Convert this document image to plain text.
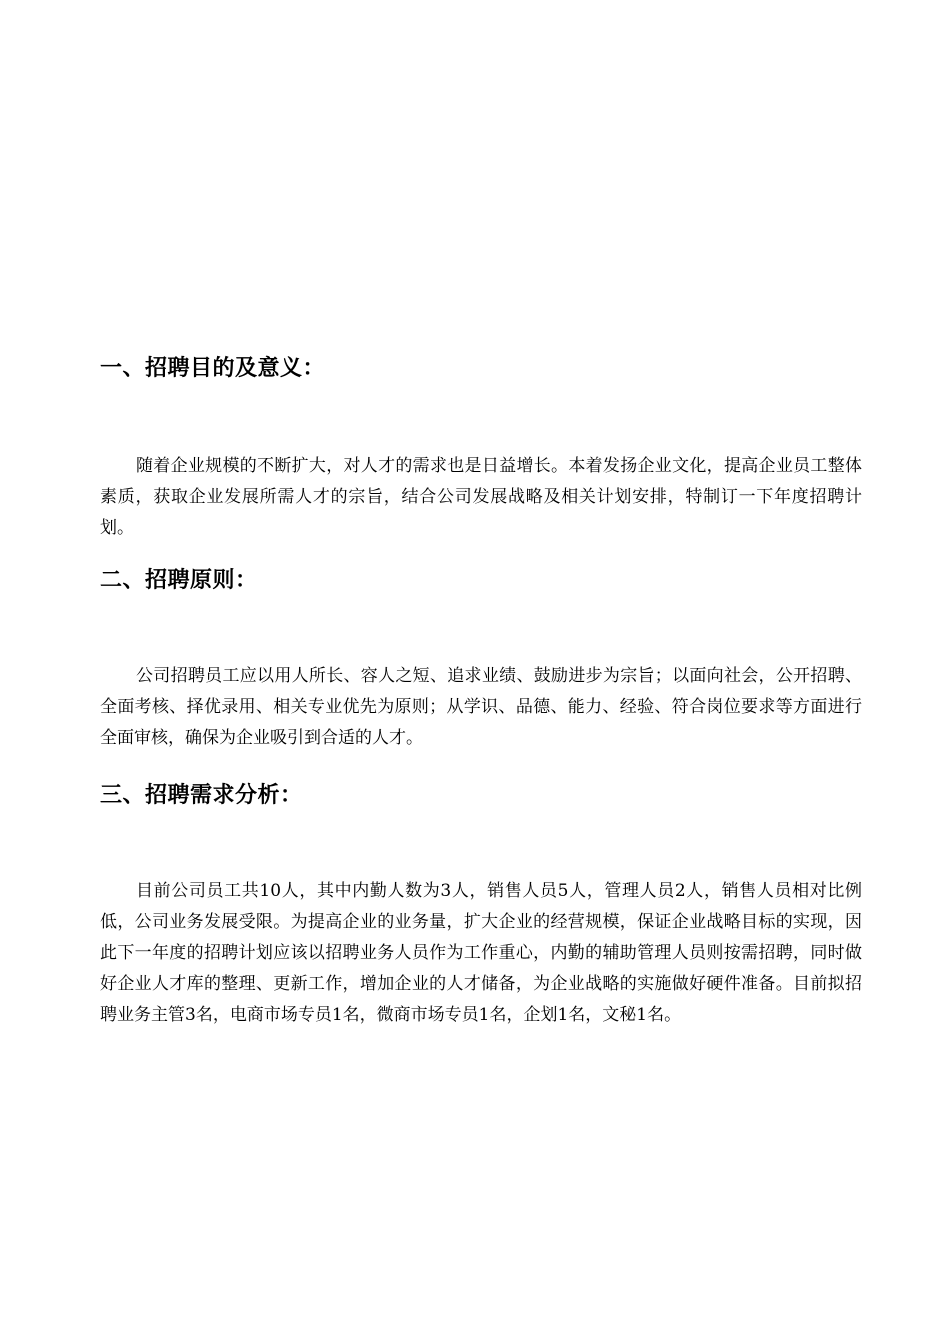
一、招聘目的及意义：

随着企业规模的不断扩大，对人才的需求也是日益增长。本着发扬企业文化，提高企业员工整体素质，获取企业发展所需人才的宗旨，结合公司发展战略及相关计划安排，特制订一下年度招聘计划。

二、招聘原则：

公司招聘员工应以用人所长、容人之短、追求业绩、鼓励进步为宗旨；以面向社会，公开招聘、全面考核、择优录用、相关专业优先为原则；从学识、品德、能力、经验、符合岗位要求等方面进行全面审核，确保为企业吸引到合适的人才。

三、招聘需求分析：

目前公司员工共10人，其中内勤人数为3人，销售人员5人，管理人员2人，销售人员相对比例低，公司业务发展受限。为提高企业的业务量，扩大企业的经营规模，保证企业战略目标的实现，因此下一年度的招聘计划应该以招聘业务人员作为工作重心，内勤的辅助管理人员则按需招聘，同时做好企业人才库的整理、更新工作，增加企业的人才储备，为企业战略的实施做好硬件准备。目前拟招聘业务主管3名，电商市场专员1名，微商市场专员1名，企划1名，文秘1名。
